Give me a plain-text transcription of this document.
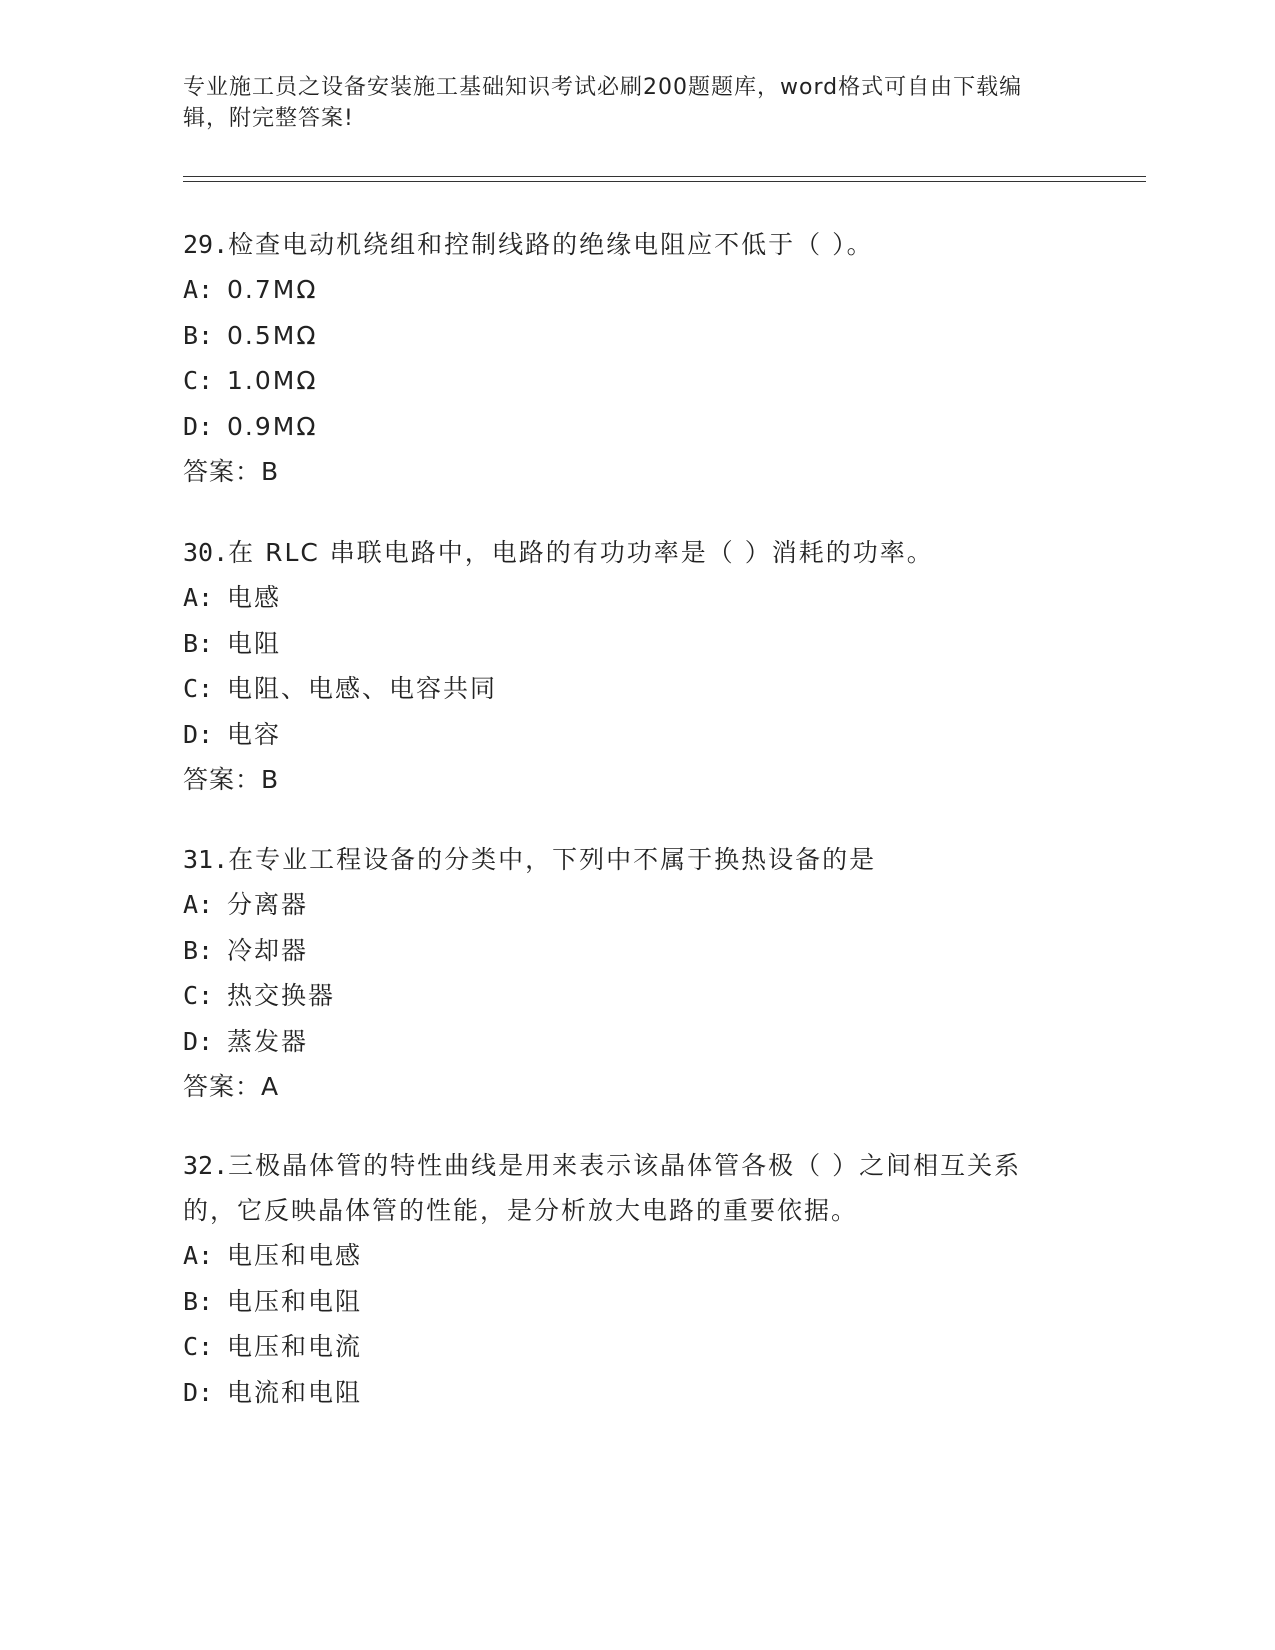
专业施工员之设备安装施工基础知识考试必刷200题题库，word格式可自由下载编辑，附完整答案!
29.检查电动机绕组和控制线路的绝缘电阻应不低于（ ）。
A: 0.7MΩ
B: 0.5MΩ
C: 1.0MΩ
D: 0.9MΩ
答案：B
30.在 RLC 串联电路中，电路的有功功率是（ ）消耗的功率。
A: 电感
B: 电阻
C: 电阻、电感、电容共同
D: 电容
答案：B
31.在专业工程设备的分类中，下列中不属于换热设备的是
A: 分离器
B: 冷却器
C: 热交换器
D: 蒸发器
答案：A
32.三极晶体管的特性曲线是用来表示该晶体管各极（ ）之间相互关系的，它反映晶体管的性能，是分析放大电路的重要依据。
A: 电压和电感
B: 电压和电阻
C: 电压和电流
D: 电流和电阻
